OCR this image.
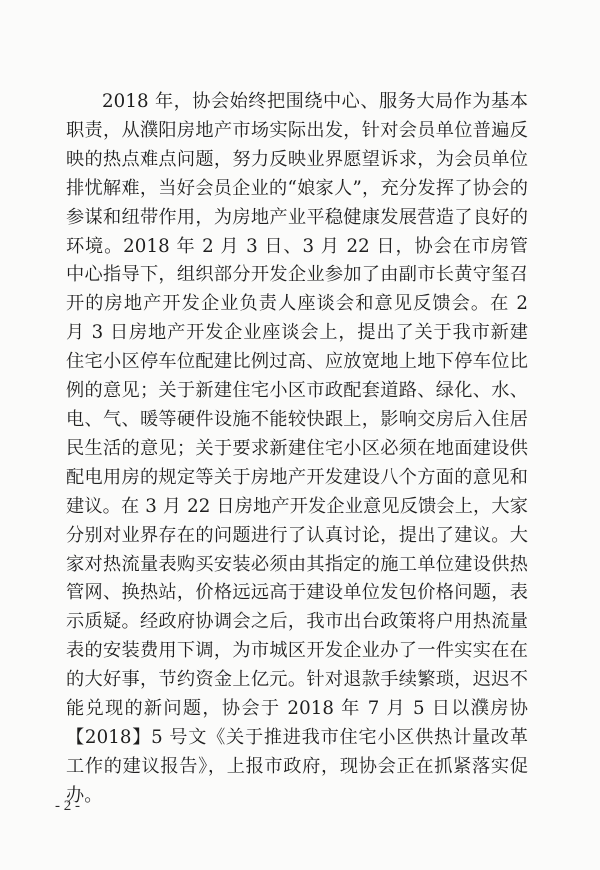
2018 年，协会始终把围绕中心、服务大局作为基本职责，从濮阳房地产市场实际出发，针对会员单位普遍反映的热点难点问题，努力反映业界愿望诉求，为会员单位排忧解难，当好会员企业的“娘家人”，充分发挥了协会的参谋和纽带作用，为房地产业平稳健康发展营造了良好的环境。2018 年 2 月 3 日、3 月 22 日，协会在市房管中心指导下，组织部分开发企业参加了由副市长黄守玺召开的房地产开发企业负责人座谈会和意见反馈会。在 2 月 3 日房地产开发企业座谈会上，提出了关于我市新建住宅小区停车位配建比例过高、应放宽地上地下停车位比例的意见；关于新建住宅小区市政配套道路、绿化、水、电、气、暖等硬件设施不能较快跟上，影响交房后入住居民生活的意见；关于要求新建住宅小区必须在地面建设供配电用房的规定等关于房地产开发建设八个方面的意见和建议。在 3 月 22 日房地产开发企业意见反馈会上，大家分别对业界存在的问题进行了认真讨论，提出了建议。大家对热流量表购买安装必须由其指定的施工单位建设供热管网、换热站，价格远远高于建设单位发包价格问题，表示质疑。经政府协调会之后，我市出台政策将户用热流量表的安装费用下调，为市城区开发企业办了一件实实在在的大好事，节约资金上亿元。针对退款手续繁琐，迟迟不能兑现的新问题，协会于 2018 年 7 月 5 日以濮房协【2018】5 号文《关于推进我市住宅小区供热计量改革工作的建议报告》，上报市政府，现协会正在抓紧落实促办。

- 2 -
